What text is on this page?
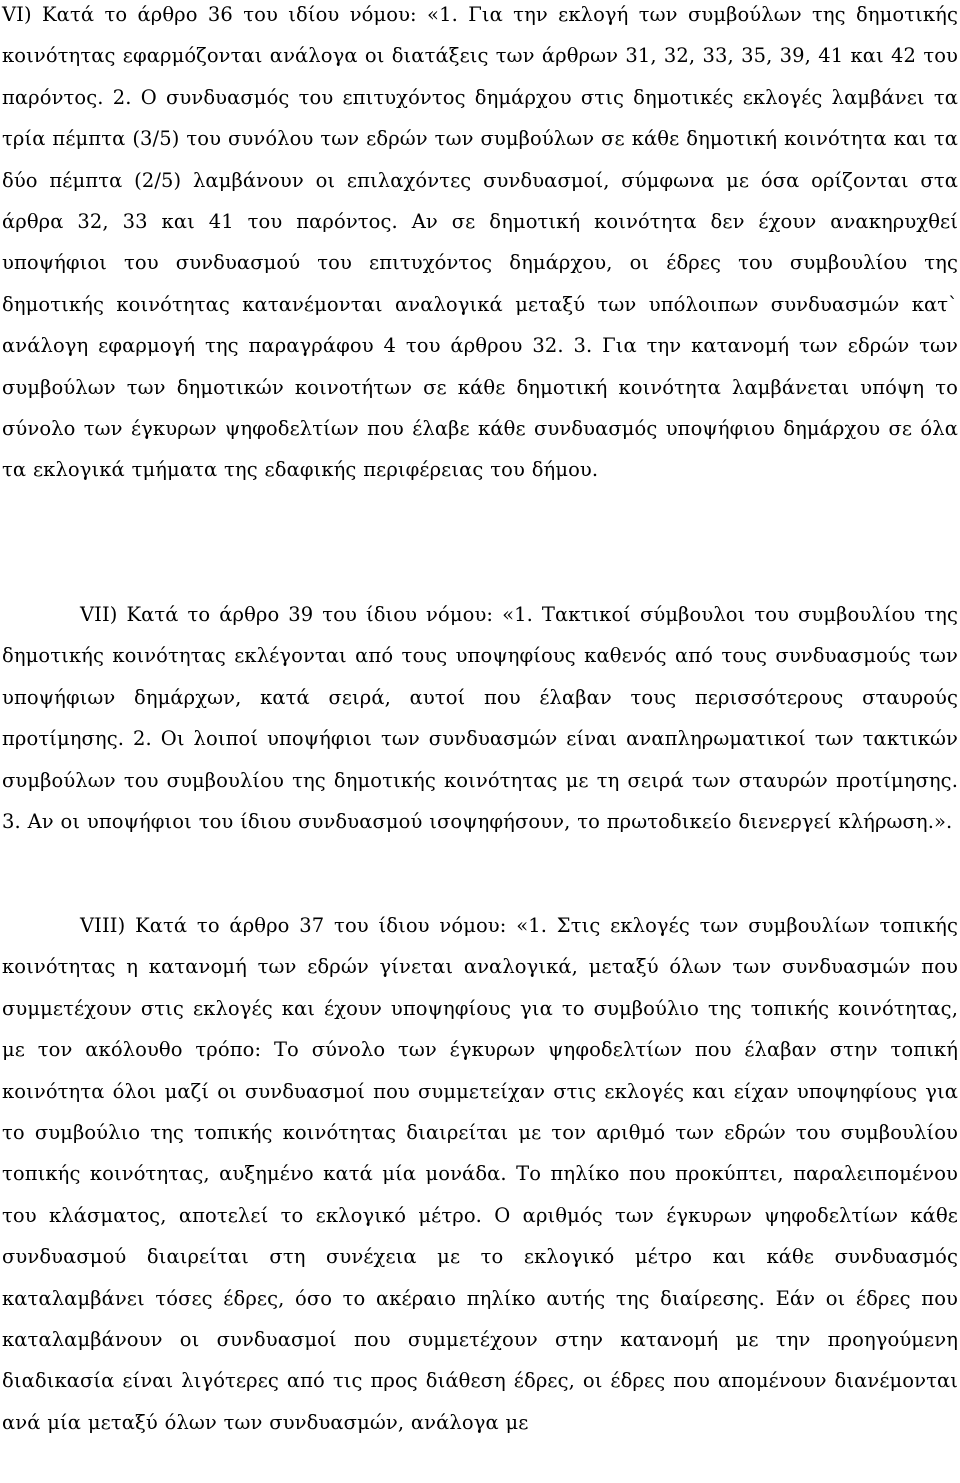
VI) Κατά το άρθρο 36 του ιδίου νόμου: «1. Για την εκλογή των συμβούλων της δημοτικής κοινότητας εφαρμόζονται ανάλογα οι διατάξεις των άρθρων 31, 32, 33, 35, 39, 41 και 42 του παρόντος. 2. Ο συνδυασμός του επιτυχόντος δημάρχου στις δημοτικές εκλογές λαμβάνει τα τρία πέμπτα (3/5) του συνόλου των εδρών των συμβούλων σε κάθε δημοτική κοινότητα και τα δύο πέμπτα (2/5) λαμβάνουν οι επιλαχόντες συνδυασμοί, σύμφωνα με όσα ορίζονται στα άρθρα 32, 33 και 41 του παρόντος. Αν σε δημοτική κοινότητα δεν έχουν ανακηρυχθεί υποψήφιοι του συνδυασμού του επιτυχόντος δημάρχου, οι έδρες του συμβουλίου της δημοτικής κοινότητας κατανέμονται αναλογικά μεταξύ των υπόλοιπων συνδυασμών κατ` ανάλογη εφαρμογή της παραγράφου 4 του άρθρου 32. 3. Για την κατανομή των εδρών των συμβούλων των δημοτικών κοινοτήτων σε κάθε δημοτική κοινότητα λαμβάνεται υπόψη το σύνολο των έγκυρων ψηφοδελτίων που έλαβε κάθε συνδυασμός υποψήφιου δημάρχου σε όλα τα εκλογικά τμήματα της εδαφικής περιφέρειας του δήμου.

VII) Κατά το άρθρο 39 του ίδιου νόμου: «1. Τακτικοί σύμβουλοι του συμβουλίου της δημοτικής κοινότητας εκλέγονται από τους υποψηφίους καθενός από τους συνδυασμούς των υποψήφιων δημάρχων, κατά σειρά, αυτοί που έλαβαν τους περισσότερους σταυρούς προτίμησης. 2. Οι λοιποί υποψήφιοι των συνδυασμών είναι αναπληρωματικοί των τακτικών συμβούλων του συμβουλίου της δημοτικής κοινότητας με τη σειρά των σταυρών προτίμησης. 3. Αν οι υποψήφιοι του ίδιου συνδυασμού ισοψηφήσουν, το πρωτοδικείο διενεργεί κλήρωση.».

VIII) Κατά το άρθρο 37 του ίδιου νόμου: «1. Στις εκλογές των συμβουλίων τοπικής κοινότητας η κατανομή των εδρών γίνεται αναλογικά, μεταξύ όλων των συνδυασμών που συμμετέχουν στις εκλογές και έχουν υποψηφίους για το συμβούλιο της τοπικής κοινότητας, με τον ακόλουθο τρόπο: Το σύνολο των έγκυρων ψηφοδελτίων που έλαβαν στην τοπική κοινότητα όλοι μαζί οι συνδυασμοί που συμμετείχαν στις εκλογές και είχαν υποψηφίους για το συμβούλιο της τοπικής κοινότητας διαιρείται με τον αριθμό των εδρών του συμβουλίου τοπικής κοινότητας, αυξημένο κατά μία μονάδα. Το πηλίκο που προκύπτει, παραλειπομένου του κλάσματος, αποτελεί το εκλογικό μέτρο. Ο αριθμός των έγκυρων ψηφοδελτίων κάθε συνδυασμού διαιρείται στη συνέχεια με το εκλογικό μέτρο και κάθε συνδυασμός καταλαμβάνει τόσες έδρες, όσο το ακέραιο πηλίκο αυτής της διαίρεσης. Εάν οι έδρες που καταλαμβάνουν οι συνδυασμοί που συμμετέχουν στην κατανομή με την προηγούμενη διαδικασία είναι λιγότερες από τις προς διάθεση έδρες, οι έδρες που απομένουν διανέμονται ανά μία μεταξύ όλων των συνδυασμών, ανάλογα με
